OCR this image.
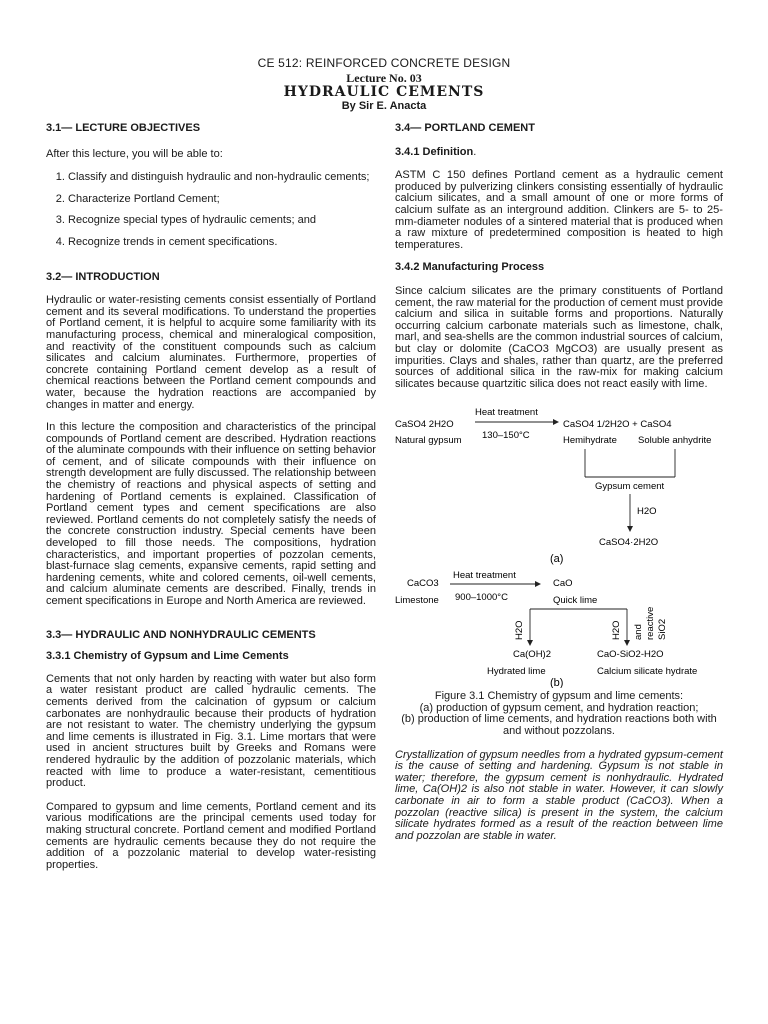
CE 512: REINFORCED CONCRETE DESIGN
Lecture No. 03
HYDRAULIC CEMENTS
By Sir E. Anacta
3.1— LECTURE OBJECTIVES

After this lecture, you will be able to:

1. Classify and distinguish hydraulic and non-hydraulic cements;
2. Characterize Portland Cement;
3. Recognize special types of hydraulic cements; and
4. Recognize trends in cement specifications.
3.2— INTRODUCTION

Hydraulic or water-resisting cements consist essentially of Portland cement and its several modifications. To understand the properties of Portland cement, it is helpful to acquire some familiarity with its manufacturing process, chemical and mineralogical composition, and reactivity of the constituent compounds such as calcium silicates and calcium aluminates. Furthermore, properties of concrete containing Portland cement develop as a result of chemical reactions between the Portland cement compounds and water, because the hydration reactions are accompanied by changes in matter and energy.

In this lecture the composition and characteristics of the principal compounds of Portland cement are described. Hydration reactions of the aluminate compounds with their influence on setting behavior of cement, and of silicate compounds with their influence on strength development are fully discussed. The relationship between the chemistry of reactions and physical aspects of setting and hardening of Portland cements is explained. Classification of Portland cement types and cement specifications are also reviewed. Portland cements do not completely satisfy the needs of the concrete construction industry. Special cements have been developed to fill those needs. The compositions, hydration characteristics, and important properties of pozzolan cements, blast-furnace slag cements, expansive cements, rapid setting and hardening cements, white and colored cements, oil-well cements, and calcium aluminate cements are described. Finally, trends in cement specifications in Europe and North America are reviewed.

3.3— HYDRAULIC AND NONHYDRAULIC CEMENTS
3.3.1 Chemistry of Gypsum and Lime Cements

Cements that not only harden by reacting with water but also form a water resistant product are called hydraulic cements. The cements derived from the calcination of gypsum or calcium carbonates are nonhydraulic because their products of hydration are not resistant to water. The chemistry underlying the gypsum and lime cements is illustrated in Fig. 3.1. Lime mortars that were used in ancient structures built by Greeks and Romans were rendered hydraulic by the addition of pozzolanic materials, which reacted with lime to produce a water-resistant, cementitious product.

Compared to gypsum and lime cements, Portland cement and its various modifications are the principal cements used today for making structural concrete. Portland cement and modified Portland cements are hydraulic cements because they do not require the addition of a pozzolanic material to develop water-resisting properties.

3.4— PORTLAND CEMENT
3.4.1 Definition.

ASTM C 150 defines Portland cement as a hydraulic cement produced by pulverizing clinkers consisting essentially of hydraulic calcium silicates, and a small amount of one or more forms of calcium sulfate as an interground addition. Clinkers are 5- to 25-mm-diameter nodules of a sintered material that is produced when a raw mixture of predetermined composition is heated to high temperatures.

3.4.2 Manufacturing Process

Since calcium silicates are the primary constituents of Portland cement, the raw material for the production of cement must provide calcium and silica in suitable forms and proportions. Naturally occurring calcium carbonate materials such as limestone, chalk, marl, and sea-shells are the common industrial sources of calcium, but clay or dolomite (CaCO3 MgCO3) are usually present as impurities. Clays and shales, rather than quartz, are the preferred sources of additional silica in the raw-mix for making calcium silicates because quartzitic silica does not react easily with lime.

CaSO4 2H2O
Natural gypsum
Heat treatment
130–150°C
CaSO4 1/2H2O + CaSO4
Hemihydrate Soluble anhydrite
Gypsum cement
H2O
CaSO4·2H2O
(a)
CaCO3
Limestone
Heat treatment
900–1000°C
CaO
Quick lime
H2O	H2O and reactive SiO2
Ca(OH)2
Hydrated lime
CaO-SiO2-H2O
Calcium silicate hydrate
(b)
Figure 3.1 Chemistry of gypsum and lime cements:
(a) production of gypsum cement, and hydration reaction;
(b) production of lime cements, and hydration reactions both with and without pozzolans.

Crystallization of gypsum needles from a hydrated gypsum-cement is the cause of setting and hardening. Gypsum is not stable in water; therefore, the gypsum cement is nonhydraulic. Hydrated lime, Ca(OH)2 is also not stable in water. However, it can slowly carbonate in air to form a stable product (CaCO3). When a pozzolan (reactive silica) is present in the system, the calcium silicate hydrates formed as a result of the reaction between lime and pozzolan are stable in water.
